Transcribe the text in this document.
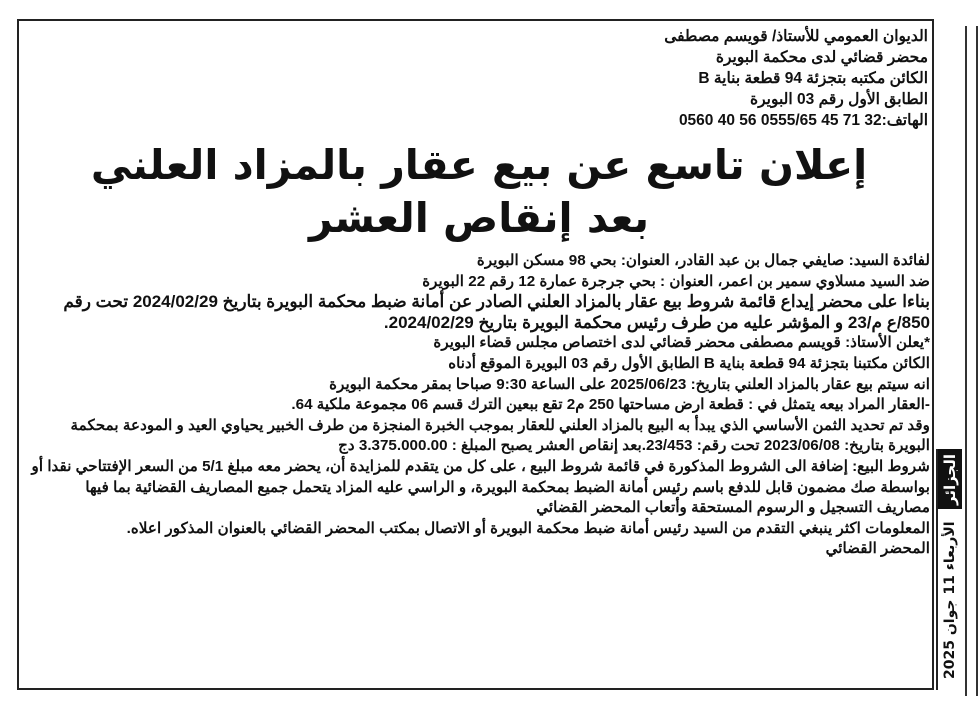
الجزائر
الأربعاء 11 جوان 2025
الديوان العمومي للأستاذ/ قويسم مصطفى
محضر قضائي لدى محكمة البويرة
الكائن مكتبه بتجزئة 94 قطعة بناية B
الطابق الأول رقم 03 البويرة
الهاتف:32 71 45 0555/65 56 40 0560
إعلان تاسع عن بيع عقار بالمزاد العلني
بعد إنقاص العشر
لفائدة السيد: صايفي جمال بن عبد القادر، العنوان: بحي 98 مسكن البويرة
ضد السيد مسلاوي سمير بن اعمر، العنوان : بحي جرجرة عمارة 12 رقم 22 البويرة
بناءا على محضر إيداع قائمة شروط بيع عقار بالمزاد العلني الصادر عن أمانة ضبط محكمة البويرة بتاريخ 2024/02/29 تحت رقم 850/ع م/23 و المؤشر عليه من طرف رئيس محكمة البويرة بتاريخ 2024/02/29.
*يعلن الأستاذ: قويسم مصطفى محضر قضائي لدى اختصاص مجلس قضاء البويرة
الكائن مكتبنا بتجزئة 94 قطعة بناية B الطابق الأول رقم 03 البويرة الموقع أدناه
انه سيتم بيع عقار بالمزاد العلني بتاريخ: 2025/06/23 على الساعة 9:30 صباحا بمقر محكمة البويرة
-العقار المراد بيعه يتمثل في : قطعة ارض مساحتها 250 م2 تقع ببعين الترك قسم 06 مجموعة ملكية 64.
وقد تم تحديد الثمن الأساسي الذي يبدأ به البيع بالمزاد العلني للعقار بموجب الخبرة المنجزة من طرف الخبير يحياوي العيد و المودعة بمحكمة البويرة بتاريخ: 2023/06/08 تحت رقم: 23/453.بعد إنقاص العشر يصبح المبلغ : 3.375.000.00 دج
شروط البيع: إضافة الى الشروط المذكورة في قائمة شروط البيع ، على كل من يتقدم للمزايدة أن، يحضر معه مبلغ 5/1 من السعر الإفتتاحي نقدا أو بواسطة صك مضمون قابل للدفع باسم رئيس أمانة الضبط بمحكمة البويرة، و الراسي عليه المزاد يتحمل جميع المصاريف القضائية بما فيها مصاريف التسجيل و الرسوم المستحقة وأتعاب المحضر القضائي
المعلومات اكثر ينبغي التقدم من السيد رئيس أمانة ضبط محكمة البويرة أو الاتصال بمكتب المحضر القضائي بالعنوان المذكور اعلاه.
المحضر القضائي
